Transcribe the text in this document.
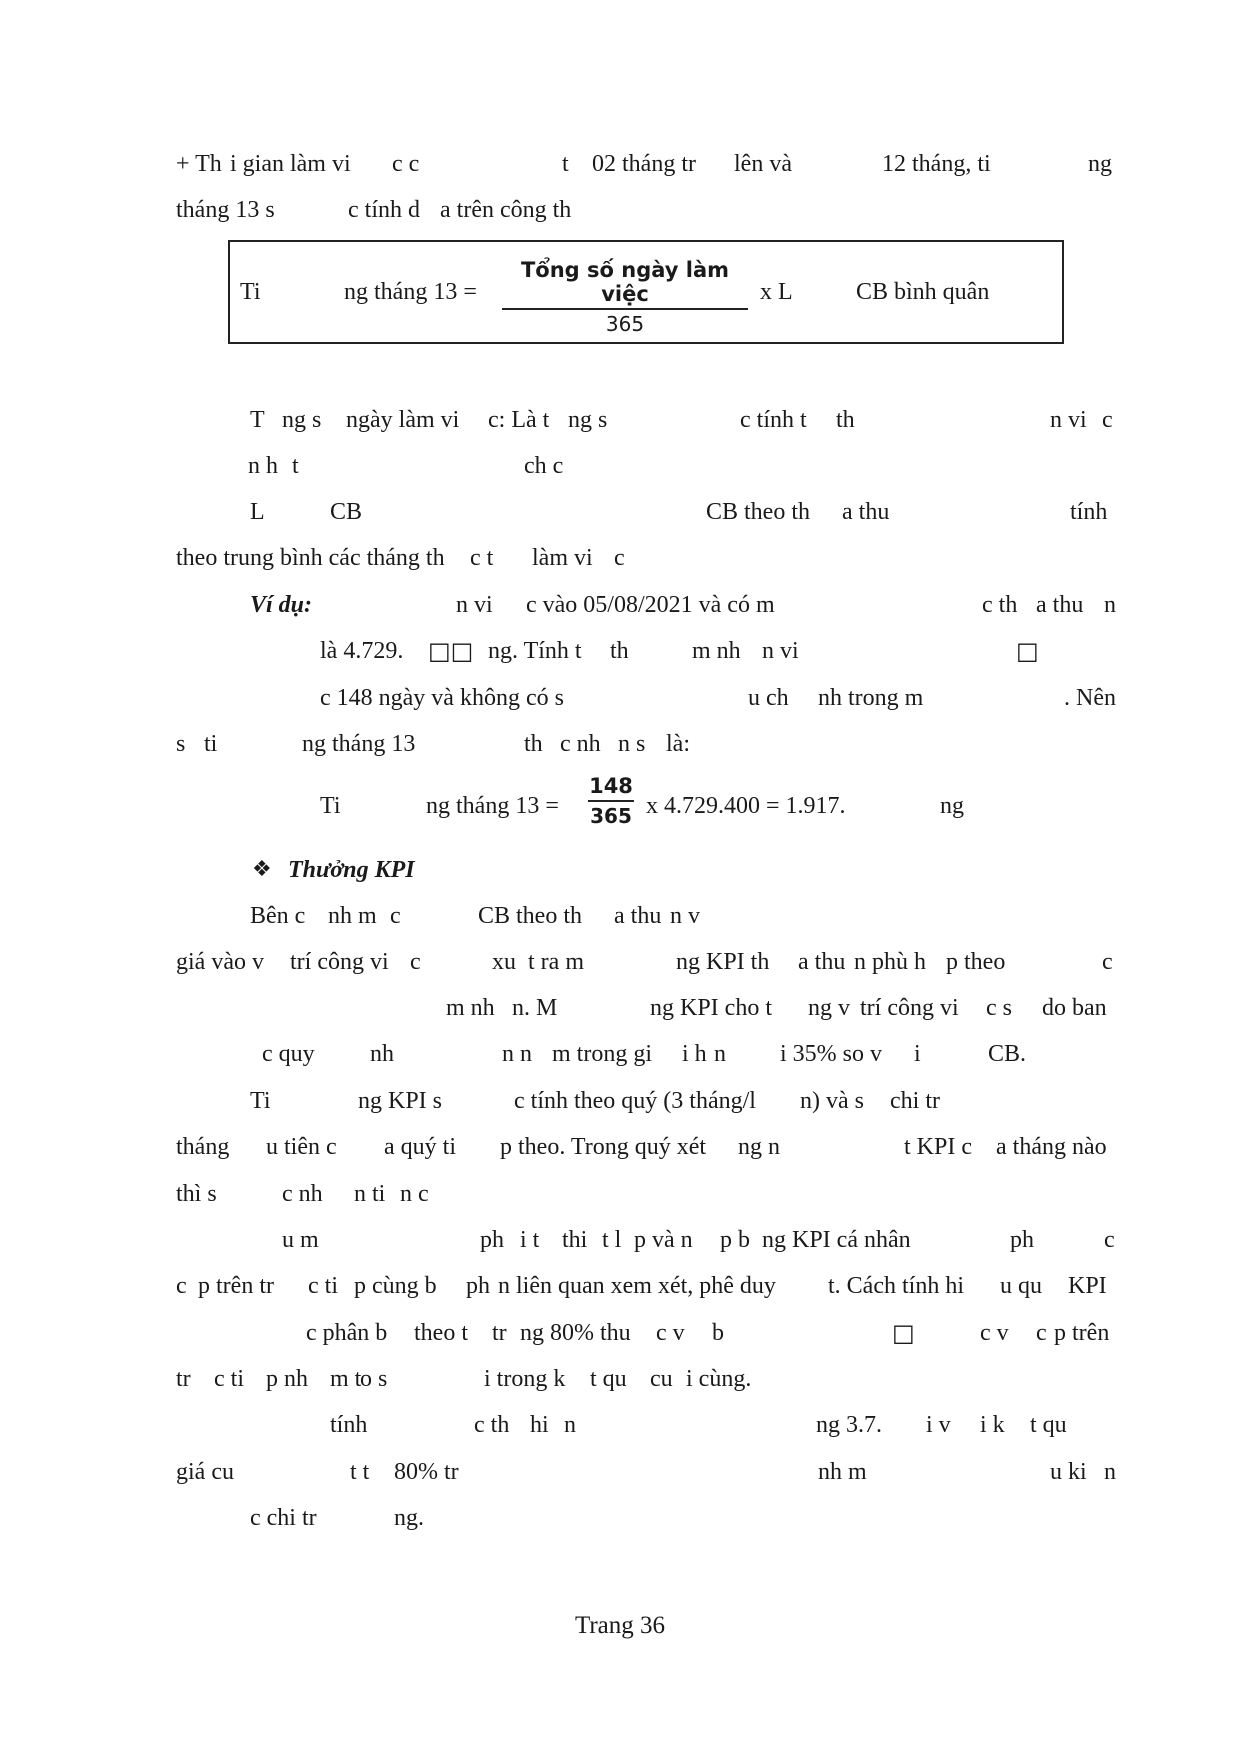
+ Th i gian làm vi c c	t 02 tháng tr lên và	12 tháng, ti	ng
tháng 13 s	c tính d a trên công th
Ti	ng tháng 13 =
Tổng số ngày làm việc
365
x L	CB bình quân
T ng s ngày làm vi c: Là t ng s	c tính t th	n vi c
n h t	ch c
L	CB	CB theo th a thu	tính
theo trung bình các tháng th c t làm vi c
Ví dụ:	n vi c vào 05/08/2021 và có m	c th a thu n
là 4.729. □□ ng. Tính t th	m nh n vi	□
c 148 ngày và không có s	u ch nh trong m	. Nên
s ti	ng tháng 13	th c nh n s là:
Ti	ng tháng 13 =
148
365 x 4.729.400 = 1.917.	ng
❖ Thưởng KPI
Bên c nh m c	CB theo th a thu n v
giá vào v trí công vi c	xu t ra m	ng KPI th a thu n phù h p theo	c
m nh n. M	ng KPI cho t ng v trí công vi c s do ban
c quy nh	n n m trong gi i h n i 35% so v i	CB.
Ti	ng KPI s	c tính theo quý (3 tháng/l n) và s chi tr
tháng u tiên c a quý ti p theo. Trong quý xét ng n	t KPI c a tháng nào
thì s	c nh n ti n c
u m	ph i t thi t l p và n p b ng KPI cá nhân	ph	c
c p trên tr c ti p cùng b ph n liên quan xem xét, phê duy t. Cách tính hi u qu KPI
c phân b theo t tr ng 80% thu c v b	□	c v c p trên
tr c ti p nh m t
o s	i trong k t qu cu i cùng.
tính	c th hi n	ng 3.7. i v i k t qu
giá cu	t t 80% tr	nh m	u ki n
c chi tr	ng.
Trang 36
